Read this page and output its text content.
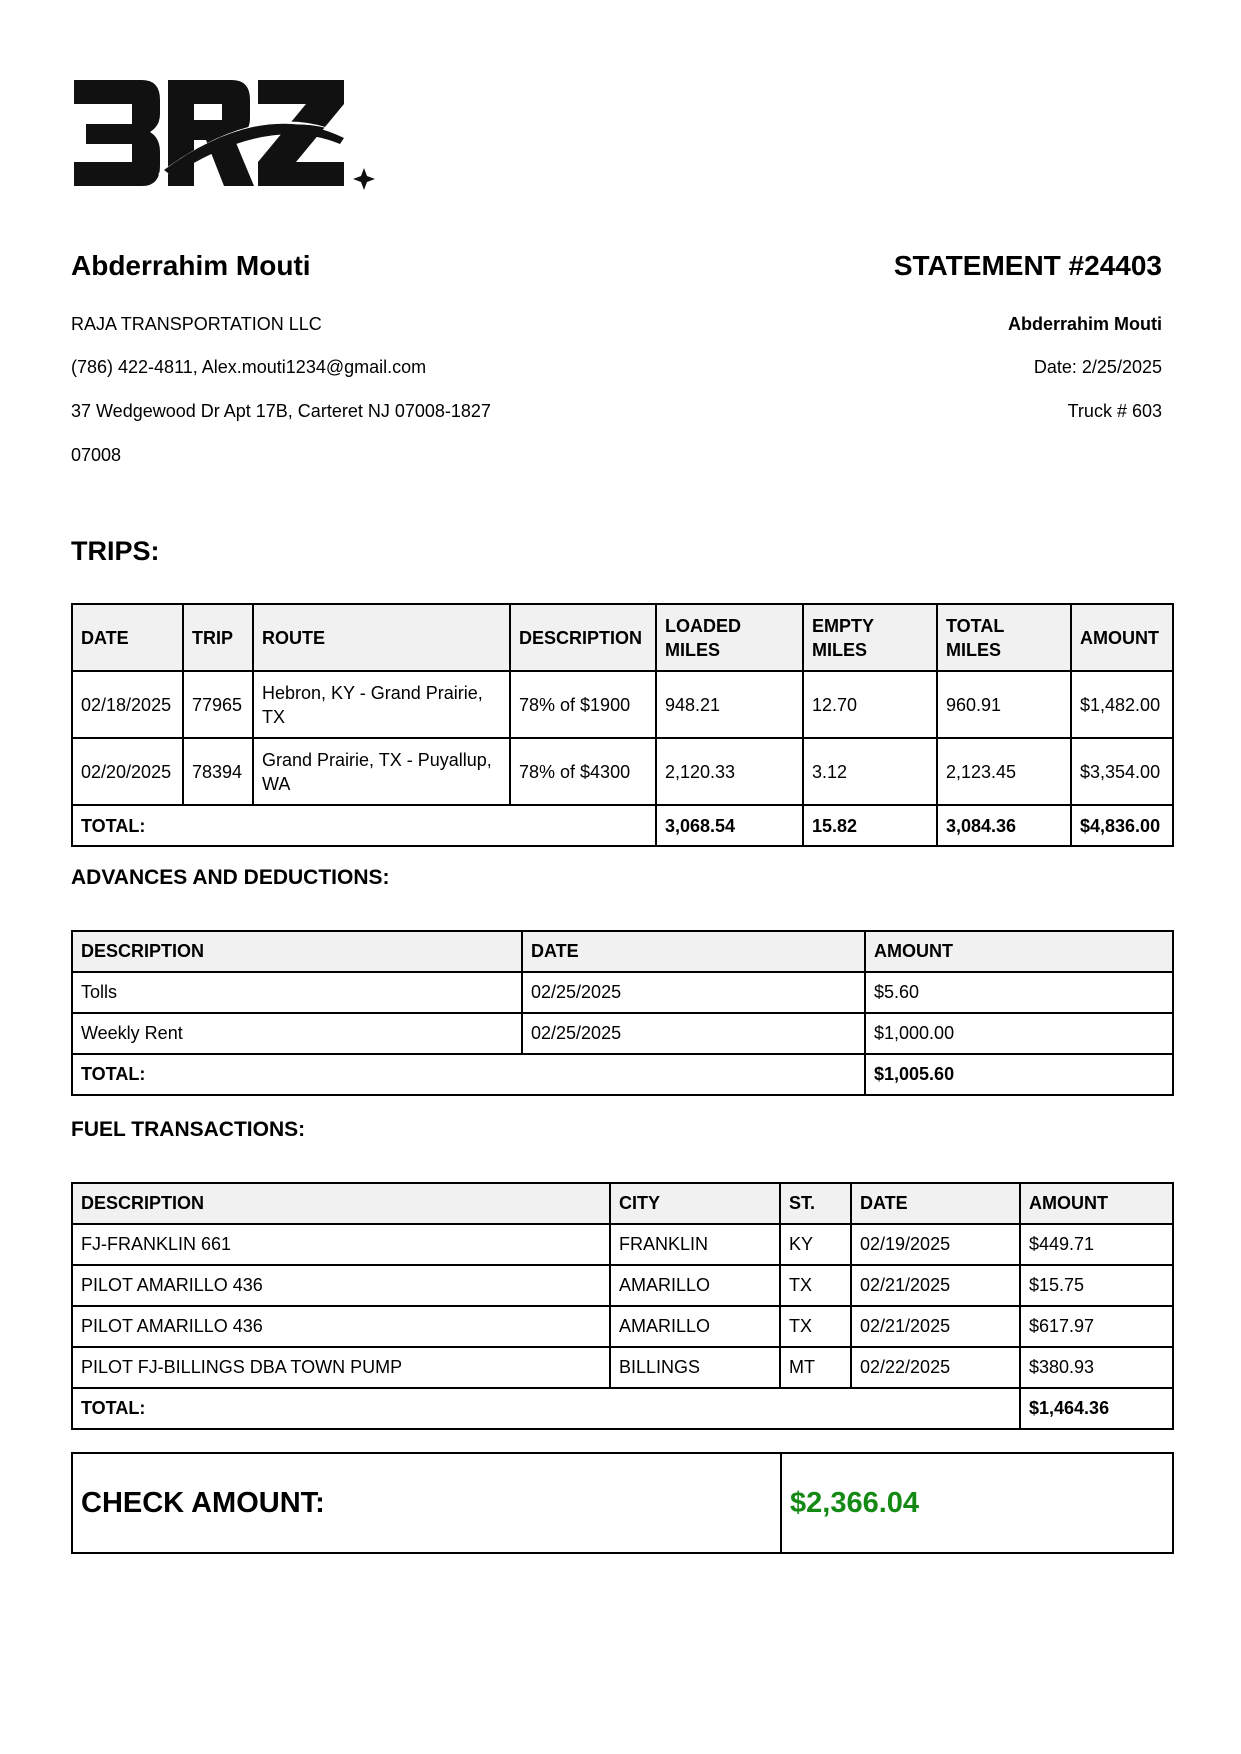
Abderrahim Mouti
RAJA TRANSPORTATION LLC
(786) 422-4811, Alex.mouti1234@gmail.com
37 Wedgewood Dr Apt 17B, Carteret NJ 07008-1827
07008
STATEMENT #24403
Abderrahim Mouti
Date: 2/25/2025
Truck # 603
TRIPS:
DATE	TRIP	ROUTE	DESCRIPTION	LOADED MILES	EMPTY MILES	TOTAL MILES	AMOUNT
02/18/2025	77965	Hebron, KY - Grand Prairie, TX	78% of $1900	948.21	12.70	960.91	$1,482.00
02/20/2025	78394	Grand Prairie, TX - Puyallup, WA	78% of $4300	2,120.33	3.12	2,123.45	$3,354.00
TOTAL:				3,068.54	15.82	3,084.36	$4,836.00
ADVANCES AND DEDUCTIONS:
DESCRIPTION	DATE	AMOUNT
Tolls	02/25/2025	$5.60
Weekly Rent	02/25/2025	$1,000.00
TOTAL:		$1,005.60
FUEL TRANSACTIONS:
DESCRIPTION	CITY	ST.	DATE	AMOUNT
FJ-FRANKLIN 661	FRANKLIN	KY	02/19/2025	$449.71
PILOT AMARILLO 436	AMARILLO	TX	02/21/2025	$15.75
PILOT AMARILLO 436	AMARILLO	TX	02/21/2025	$617.97
PILOT FJ-BILLINGS DBA TOWN PUMP	BILLINGS	MT	02/22/2025	$380.93
TOTAL:				$1,464.36
CHECK AMOUNT:	$2,366.04
